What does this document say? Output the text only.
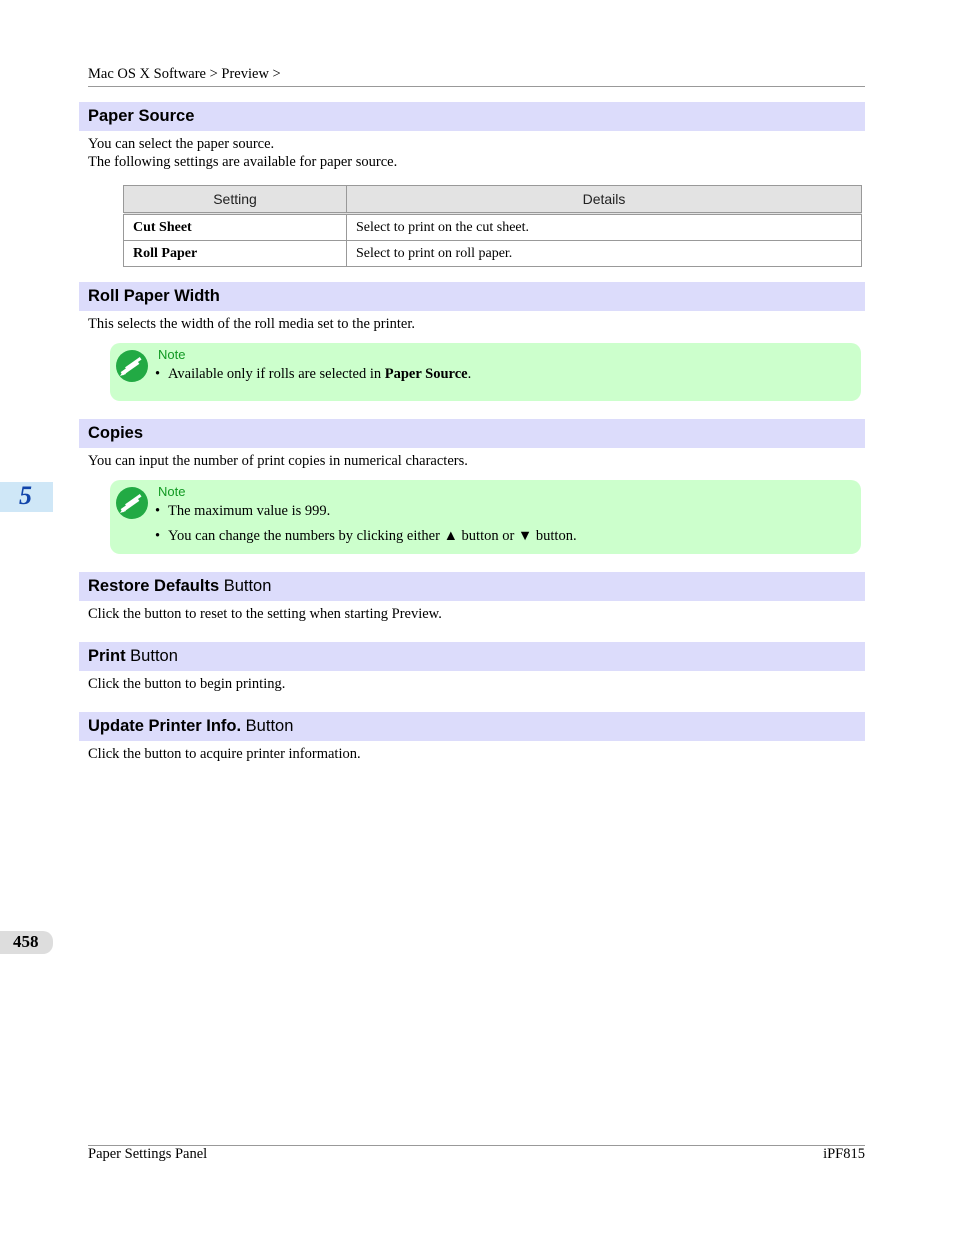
Mac OS X Software > Preview >
Paper Source
You can select the paper source.
The following settings are available for paper source.
Setting	Details
Cut Sheet	Select to print on the cut sheet.
Roll Paper	Select to print on roll paper.
Roll Paper Width
This selects the width of the roll media set to the printer.
Note
• Available only if rolls are selected in Paper Source.
Copies
You can input the number of print copies in numerical characters.
Note
• The maximum value is 999.
• You can change the numbers by clicking either ▲ button or ▼ button.
Restore Defaults Button
Click the button to reset to the setting when starting Preview.
Print Button
Click the button to begin printing.
Update Printer Info. Button
Click the button to acquire printer information.
5
458
Paper Settings Panel	iPF815
